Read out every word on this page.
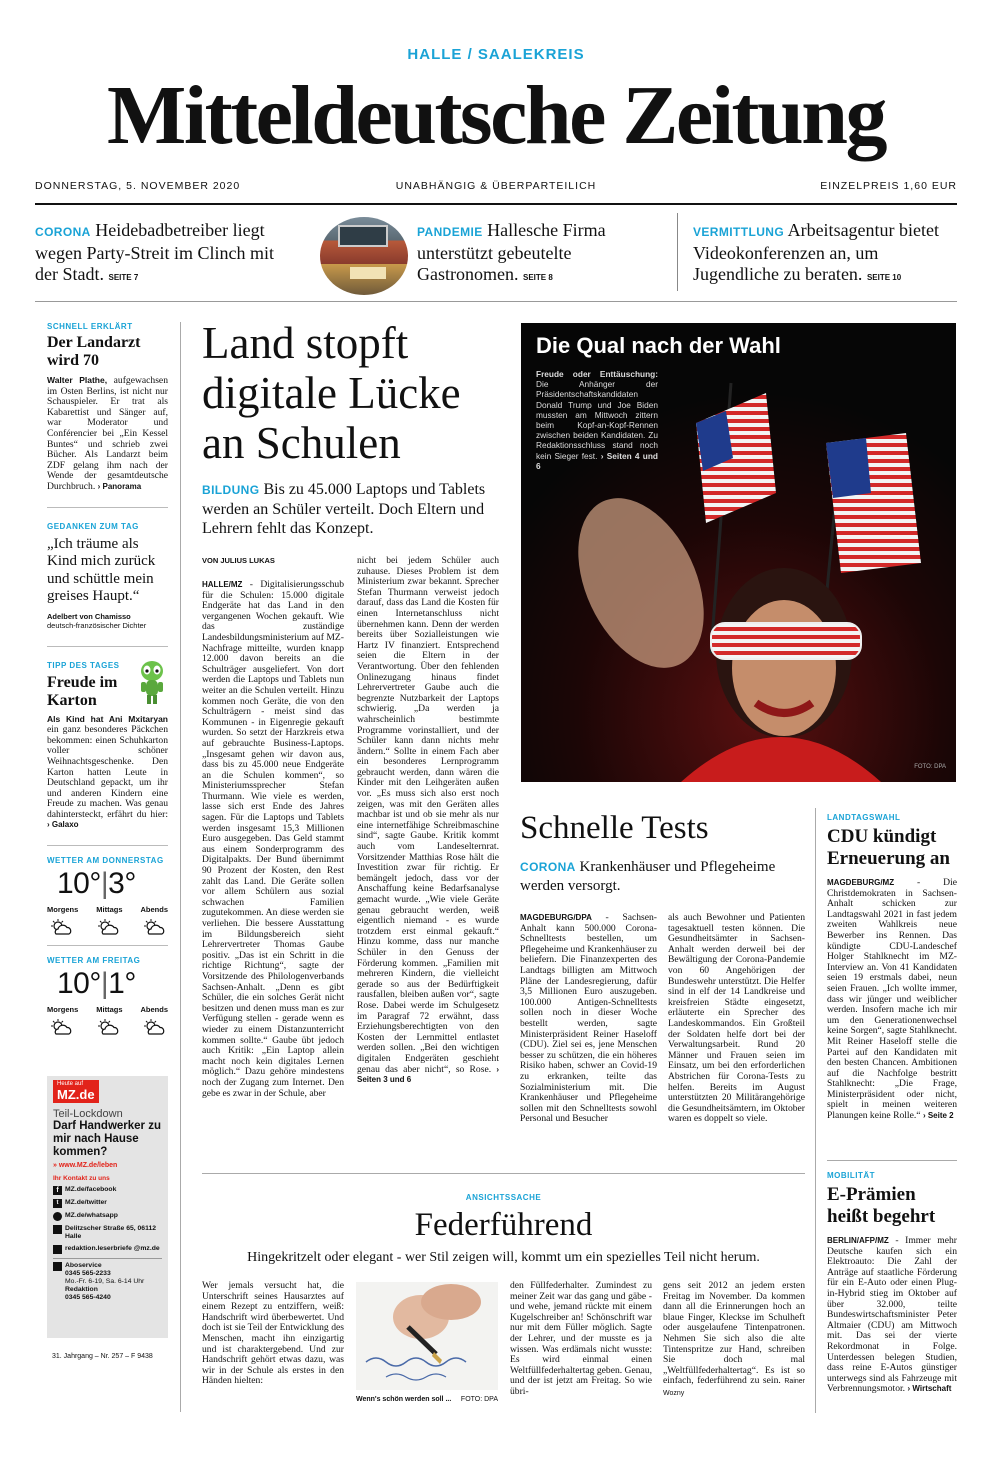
HALLE / SAALEKREIS
Mitteldeutsche Zeitung
DONNERSTAG, 5. NOVEMBER 2020	UNABHÄNGIG & ÜBERPARTEILICH	EINZELPREIS 1,60 EUR
CORONA Heidebadbetreiber liegt wegen Party-Streit im Clinch mit der Stadt. SEITE 7
PANDEMIE Hallesche Firma unterstützt gebeutelte Gastronomen. SEITE 8
VERMITTLUNG Arbeitsagentur bietet Videokonferenzen an, um Jugendliche zu beraten. SEITE 10
SCHNELL ERKLÄRT
Der Landarzt wird 70
Walter Plathe, aufgewachsen im Osten Berlins, ist nicht nur Schauspieler. Er trat als Kabarettist und Sänger auf, war Moderator und Conférencier bei „Ein Kessel Buntes“ und schrieb zwei Bücher. Als Landarzt beim ZDF gelang ihm nach der Wende der gesamtdeutsche Durchbruch. › Panorama
GEDANKEN ZUM TAG
„Ich träume als Kind mich zurück und schüttle mein greises Haupt.“
Adelbert von Chamisso
deutsch-französischer Dichter
TIPP DES TAGES
Freude im Karton
Als Kind hat Ani Mxitaryan ein ganz besonderes Päckchen bekommen: einen Schuhkarton voller schöner Weihnachtsgeschenke. Den Karton hatten Leute in Deutschland gepackt, um ihr und anderen Kindern eine Freude zu machen. Was genau dahintersteckt, erfährt du hier: › Galaxo
WETTER AM DONNERSTAG
10°|3°
Morgens Mittags Abends
WETTER AM FREITAG
10°|1°
Morgens Mittags Abends
Heute auf
MZ.de
Teil-Lockdown
Darf Handwerker zu mir nach Hause kommen?
» www.MZ.de/leben
Ihr Kontakt zu uns
f MZ.de/facebook
t MZ.de/twitter
MZ.de/whatsapp
Delitzscher Straße 65, 06112 Halle
redaktion.leserbriefe @mz.de
Aboservice
0345 565-2233
Mo.-Fr. 6-19, Sa. 6-14 Uhr
Redaktion
0345 565-4240
31. Jahrgang – Nr. 257 – F 9438
Land stopft digitale Lücke an Schulen
BILDUNG Bis zu 45.000 Laptops und Tablets werden an Schüler verteilt. Doch Eltern und Lehrern fehlt das Konzept.
VON JULIUS LUKAS
HALLE/MZ - Digitalisierungsschub für die Schulen: 15.000 digitale Endgeräte hat das Land in den vergangenen Wochen gekauft. Wie das zuständige Landesbildungsministerium auf MZ-Nachfrage mitteilte, wurden knapp 12.000 davon bereits an die Schulträger ausgeliefert. Von dort werden die Laptops und Tablets nun weiter an die Schulen verteilt. Hinzu kommen noch Geräte, die von den Schulträgern - meist sind das Kommunen - in Eigenregie gekauft wurden. So setzt der Harzkreis etwa auf gebrauchte Business-Laptops. „Insgesamt gehen wir davon aus, dass bis zu 45.000 neue Endgeräte an die Schulen kommen“, so Ministeriumssprecher Stefan Thurmann. Wie viele es werden, lasse sich erst Ende des Jahres sagen. Für die Laptops und Tablets werden insgesamt 15,3 Millionen Euro ausgegeben. Das Geld stammt aus einem Sonderprogramm des Digitalpakts. Der Bund übernimmt 90 Prozent der Kosten, den Rest zahlt das Land. Die Geräte sollen vor allem Schülern aus sozial schwachen Familien zugutekommen. An diese werden sie verliehen. Die bessere Ausstattung im Bildungsbereich sieht Lehrervertreter Thomas Gaube positiv. „Das ist ein Schritt in die richtige Richtung“, sagte der Vorsitzende des Philologenverbands Sachsen-Anhalt. „Denn es gibt Schüler, die ein solches Gerät nicht besitzen und denen muss man es zur Verfügung stellen - gerade wenn es wieder zu einem Distanzunterricht kommen sollte.“ Gaube übt jedoch auch Kritik: „Ein Laptop allein macht noch kein digitales Lernen möglich.“ Dazu gehöre mindestens noch der Zugang zum Internet. Den gebe es zwar in der Schule, aber
nicht bei jedem Schüler auch zuhause. Dieses Problem ist dem Ministerium zwar bekannt. Sprecher Stefan Thurmann verweist jedoch darauf, dass das Land die Kosten für einen Internetanschluss nicht übernehmen kann. Denn der werden bereits über Sozialleistungen wie Hartz IV finanziert. Entsprechend seien die Eltern in der Verantwortung. Über den fehlenden Onlinezugang hinaus findet Lehrervertreter Gaube auch die begrenzte Nutzbarkeit der Laptops schwierig. „Da werden ja wahrscheinlich bestimmte Programme vorinstalliert, und der Schüler kann dann nichts mehr ändern.“ Sollte in einem Fach aber ein besonderes Lernprogramm gebraucht werden, dann wären die Kinder mit den Leihgeräten außen vor. „Es muss sich also erst noch zeigen, was mit den Geräten alles machbar ist und ob sie mehr als nur eine internetfähige Schreibmaschine sind“, sagte Gaube. Kritik kommt auch vom Landeselternrat. Vorsitzender Matthias Rose hält die Investition zwar für richtig. Er bemängelt jedoch, dass vor der Anschaffung keine Bedarfsanalyse gemacht wurde. „Wie viele Geräte genau gebraucht werden, weiß eigentlich niemand - es wurde trotzdem erst einmal gekauft.“ Hinzu komme, dass nur manche Schüler in den Genuss der Förderung kommen. „Familien mit mehreren Kindern, die vielleicht gerade so aus der Bedürftigkeit rausfallen, bleiben außen vor“, sagte Rose. Dabei werde im Schulgesetz im Paragraf 72 erwähnt, dass Erziehungsberechtigten von den Kosten der Lernmittel entlastet werden sollen. „Bei den wichtigen digitalen Endgeräten geschieht genau das aber nicht“, so Rose. › Seiten 3 und 6
Die Qual nach der Wahl
Freude oder Enttäuschung: Die Anhänger der Präsidentschaftskandidaten Donald Trump und Joe Biden mussten am Mittwoch zittern beim Kopf-an-Kopf-Rennen zwischen beiden Kandidaten. Zu Redaktionsschluss stand noch kein Sieger fest. › Seiten 4 und 6
FOTO: DPA
Schnelle Tests
CORONA Krankenhäuser und Pflegeheime werden versorgt.
MAGDEBURG/DPA - Sachsen-Anhalt kann 500.000 Corona-Schnelltests bestellen, um Pflegeheime und Krankenhäuser zu beliefern. Die Finanzexperten des Landtags billigten am Mittwoch Pläne der Landesregierung, dafür 3,5 Millionen Euro auszugeben. 100.000 Antigen-Schnelltests sollen noch in dieser Woche bestellt werden, sagte Ministerpräsident Reiner Haseloff (CDU). Ziel sei es, jene Menschen besser zu schützen, die ein höheres Risiko haben, schwer an Covid-19 zu erkranken, teilte das Sozialministerium mit. Die Krankenhäuser und Pflegeheime sollen mit den Schnelltests sowohl Personal und Besucher
als auch Bewohner und Patienten tagesaktuell testen können. Die Gesundheitsämter in Sachsen-Anhalt werden derweil bei der Bewältigung der Corona-Pandemie von 60 Angehörigen der Bundeswehr unterstützt. Die Helfer sind in elf der 14 Landkreise und kreisfreien Städte eingesetzt, erläuterte ein Sprecher des Landeskommandos. Ein Großteil der Soldaten helfe dort bei der Verwaltungsarbeit. Rund 20 Männer und Frauen seien im Einsatz, um bei den erforderlichen Abstrichen für Corona-Tests zu helfen. Bereits im August unterstützten 20 Militärangehörige die Gesundheitsämtern, im Oktober waren es doppelt so viele.
LANDTAGSWAHL
CDU kündigt Erneuerung an
MAGDEBURG/MZ - Die Christdemokraten in Sachsen-Anhalt schicken zur Landtagswahl 2021 in fast jedem zweiten Wahlkreis neue Bewerber ins Rennen. Das kündigte CDU-Landeschef Holger Stahlknecht im MZ-Interview an. Von 41 Kandidaten seien 19 erstmals dabei, neun seien Frauen. „Ich wollte immer, dass wir jünger und weiblicher werden. Insofern mache ich mir um den Generationenwechsel keine Sorgen“, sagte Stahlknecht. Mit Reiner Haseloff stelle die Partei auf den Kandidaten mit den besten Chancen. Ambitionen auf die Nachfolge bestritt Stahlknecht: „Die Frage, Ministerpräsident oder nicht, spielt in meinen weiteren Planungen keine Rolle.“ › Seite 2
MOBILITÄT
E-Prämien heißt begehrt
BERLIN/AFP/MZ - Immer mehr Deutsche kaufen sich ein Elektroauto: Die Zahl der Anträge auf staatliche Förderung für ein E-Auto oder einen Plug-in-Hybrid stieg im Oktober auf über 32.000, teilte Bundeswirtschaftsminister Peter Altmaier (CDU) am Mittwoch mit. Das sei der vierte Rekordmonat in Folge. Unterdessen belegen Studien, dass reine E-Autos günstiger unterwegs sind als Fahrzeuge mit Verbrennungsmotor. › Wirtschaft
ANSICHTSSACHE
Federführend
Hingekritzelt oder elegant - wer Stil zeigen will, kommt um ein spezielles Teil nicht herum.
Wer jemals versucht hat, die Unterschrift seines Hausarztes auf einem Rezept zu entziffern, weiß: Handschrift wird überbewertet. Und doch ist sie Teil der Entwicklung des Menschen, macht ihn einzigartig und ist charaktergebend. Und zur Handschrift gehört etwas dazu, was wir in der Schule als erstes in den Händen hielten:
Wenn's schön werden soll ... FOTO: DPA
den Füllfederhalter. Zumindest zu meiner Zeit war das gang und gäbe - und wehe, jemand rückte mit einem Kugelschreiber an! Schönschrift war nur mit dem Füller möglich. Sagte der Lehrer, und der musste es ja wissen. Was erdämals nicht wusste: Es wird einmal einen Weltfüllfederhaltertag geben. Genau, und der ist jetzt am Freitag. So wie übri-
gens seit 2012 an jedem ersten Freitag im November. Da kommen dann all die Erinnerungen hoch an blaue Finger, Kleckse im Schulheft oder ausgelaufene Tintenpatronen. Nehmen Sie sich also die alte Tintenspritze zur Hand, schreiben Sie doch mal „Weltfüllfederhaltertag“. Es ist so einfach, federführend zu sein. Rainer Wozny
